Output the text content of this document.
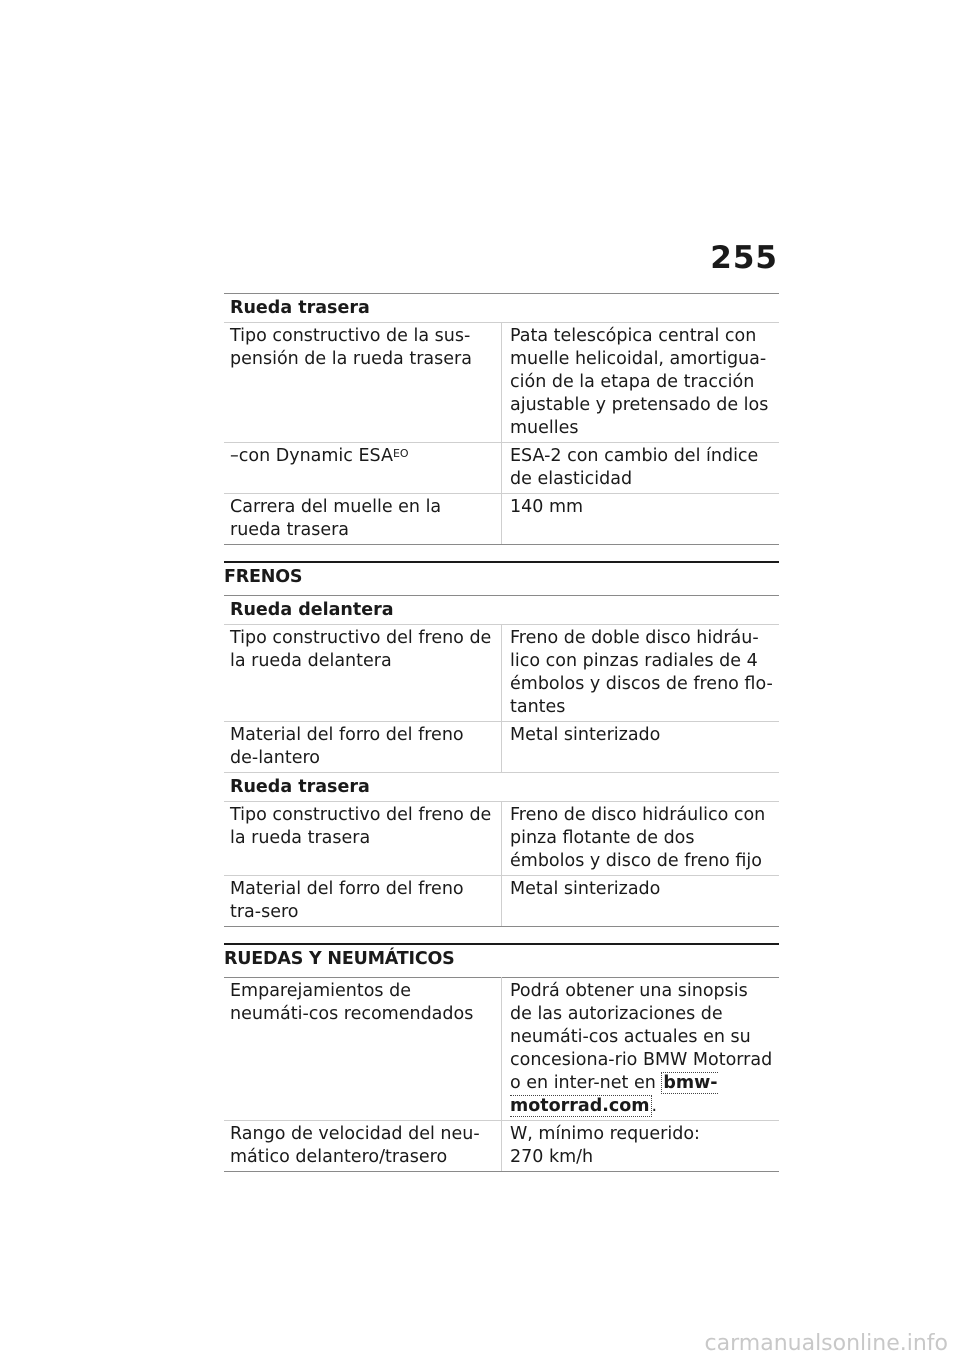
255
Rueda trasera	
Tipo constructivo de la sus-pensión de la rueda trasera	Pata telescópica central con muelle helicoidal, amortigua-ción de la etapa de tracción ajustable y pretensado de los muelles
–con Dynamic $ESA^{EO}$	ESA-2 con cambio del índice de elasticidad
Carrera del muelle en la rueda trasera	140 mm
FRENOS
Rueda delantera	
Tipo constructivo del freno de la rueda delantera	Freno de doble disco hidráu-lico con pinzas radiales de 4 émbolos y discos de freno flo-tantes
Material del forro del freno de-lantero	Metal sinterizado
Rueda trasera	
Tipo constructivo del freno de la rueda trasera	Freno de disco hidráulico con pinza flotante de dos émbolos y disco de freno fijo
Material del forro del freno tra-sero	Metal sinterizado
RUEDAS Y NEUMÁTICOS
Emparejamientos de neumáti-cos recomendados	Podrá obtener una sinopsis de las autorizaciones de neumáti-cos actuales en su concesiona-rio BMW Motorrad o en inter-net en bmw-motorrad.com .
Rango de velocidad del neu-mático delantero/trasero	W, mínimo requerido:
270 km/h
carmanualsonline.info
